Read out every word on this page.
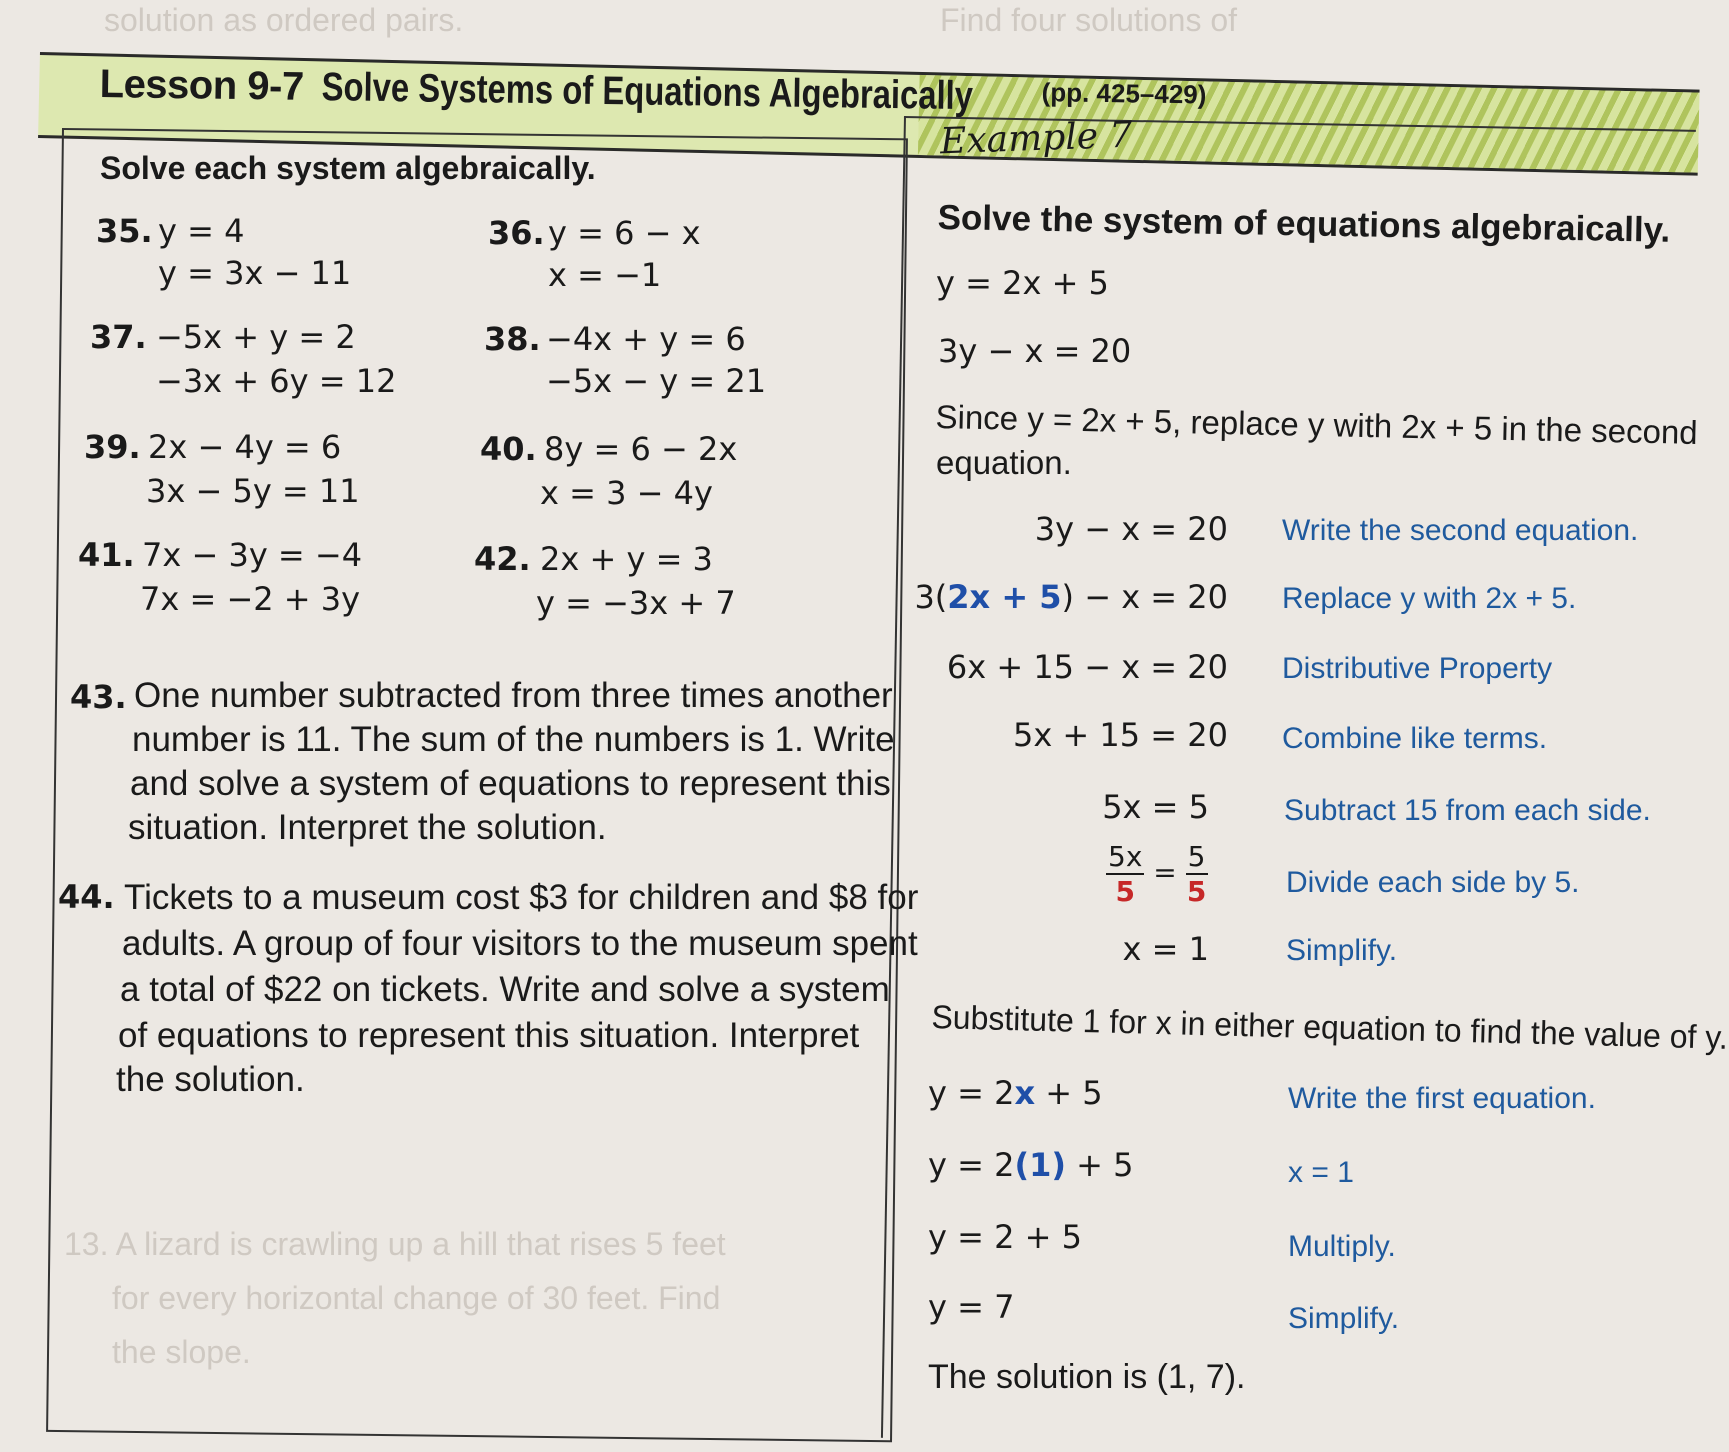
solution as ordered pairs.	Find four solutions of
13. A lizard is crawling up a hill that rises 5 feet
for every horizontal change of 30 feet. Find
the slope.
Lesson 9-7 Solve Systems of Equations Algebraically	(pp. 425–429)
Solve each system algebraically.
35. y = 4
y = 3x − 11
36. y = 6 − x
x = −1
37. −5x + y = 2
−3x + 6y = 12
38. −4x + y = 6
−5x − y = 21
39. 2x − 4y = 6
3x − 5y = 11
40. 8y = 6 − 2x
x = 3 − 4y
41. 7x − 3y = −4
7x = −2 + 3y
42. 2x + y = 3
y = −3x + 7
43. One number subtracted from three times another
number is 11. The sum of the numbers is 1. Write
and solve a system of equations to represent this
situation. Interpret the solution.
44. Tickets to a museum cost $3 for children and $8 for
adults. A group of four visitors to the museum spent
a total of $22 on tickets. Write and solve a system
of equations to represent this situation. Interpret
the solution.
Example 7
Solve the system of equations algebraically.
y = 2x + 5
3y − x = 20
Since y = 2x + 5, replace y with 2x + 5 in the second
equation.
3y − x = 20 Write the second equation.
3(2x + 5) − x = 20 Replace y with 2x + 5.
6x + 15 − x = 20 Distributive Property
5x + 15 = 20 Combine like terms.
5x = 5	Subtract 15 from each side.
$\frac{5x}{5} = \frac{5}{5}$	Divide each side by 5.
x = 1	Simplify.
Substitute 1 for x in either equation to find the value of y.
y = 2x + 5	Write the first equation.
y = 2(1) + 5	x = 1
y = 2 + 5	Multiply.
y = 7	Simplify.
The solution is (1, 7).
